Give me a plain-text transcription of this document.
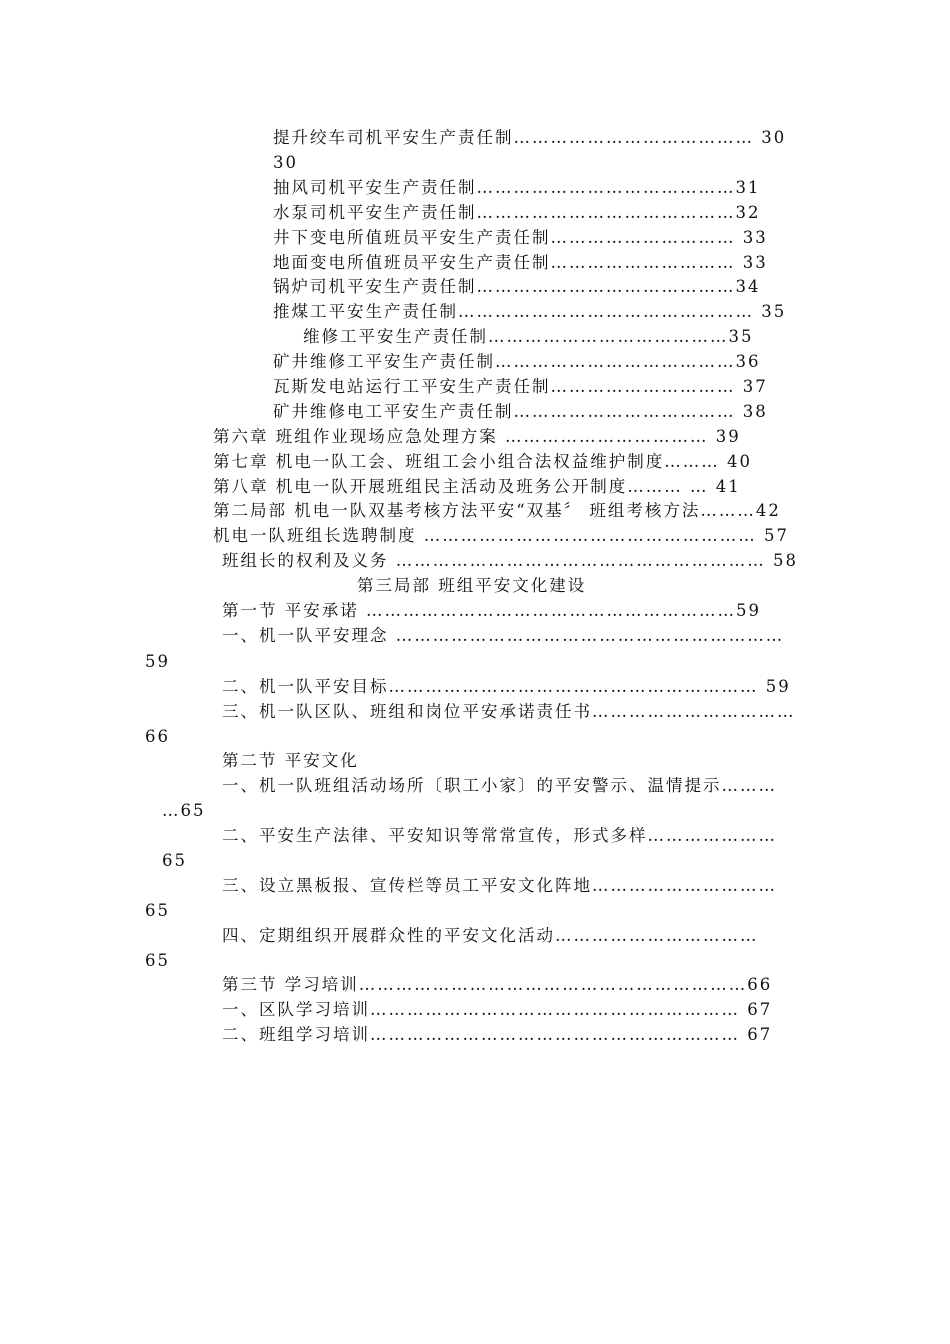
提升绞车司机平安生产责任制………………………………… 30
30
抽风司机平安生产责任制……………………………………31
水泵司机平安生产责任制……………………………………32
井下变电所值班员平安生产责任制………………………… 33
地面变电所值班员平安生产责任制………………………… 33
锅炉司机平安生产责任制……………………………………34
推煤工平安生产责任制………………………………………… 35
维修工平安生产责任制…………………………………35
矿井维修工平安生产责任制…………………………………36
瓦斯发电站运行工平安生产责任制………………………… 37
矿井维修电工平安生产责任制……………………………… 38
第六章 班组作业现场应急处理方案 …………………………… 39
第七章 机电一队工会、班组工会小组合法权益维护制度……… 40
第八章 机电一队开展班组民主活动及班务公开制度……… … 41
第二局部 机电一队双基考核方法平安“双基〞 班组考核方法………42
机电一队班组长选聘制度 ……………………………………………… 57
班组长的权利及义务 …………………………………………………… 58
第三局部 班组平安文化建设
第一节 平安承诺 ……………………………………………………59
一、机一队平安理念 ………………………………………………………
59
二、机一队平安目标…………………………………………………… 59
三、机一队区队、班组和岗位平安承诺责任书……………………………
66
第二节 平安文化
一、机一队班组活动场所〔职工小家〕的平安警示、温情提示………
…65
二、平安生产法律、平安知识等常常宣传，形式多样…………………
65
三、设立黑板报、宣传栏等员工平安文化阵地…………………………
65
四、定期组织开展群众性的平安文化活动……………………………
65
第三节 学习培训………………………………………………………66
一、区队学习培训…………………………………………………… 67
二、班组学习培训…………………………………………………… 67
